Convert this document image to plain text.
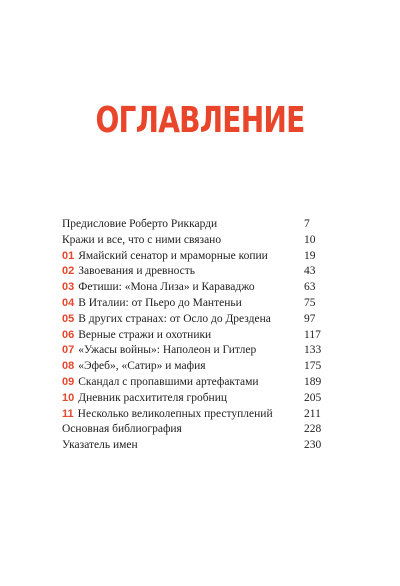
ОГЛАВЛЕНИЕ
Предисловие Роберто Риккарди	7
Кражи и все, что с ними связано	10
01 Ямайский сенатор и мраморные копии	19
02 Завоевания и древность	43
03 Фетиши: «Мона Лиза» и Караваджо	63
04 В Италии: от Пьеро до Мантеньи	75
05 В других странах: от Осло до Дрездена	97
06 Верные стражи и охотники	117
07 «Ужасы войны»: Наполеон и Гитлер	133
08 «Эфеб», «Сатир» и мафия	175
09 Скандал с пропавшими артефактами	189
10 Дневник расхитителя гробниц	205
11 Несколько великолепных преступлений	211
Основная библиография	228
Указатель имен	230
